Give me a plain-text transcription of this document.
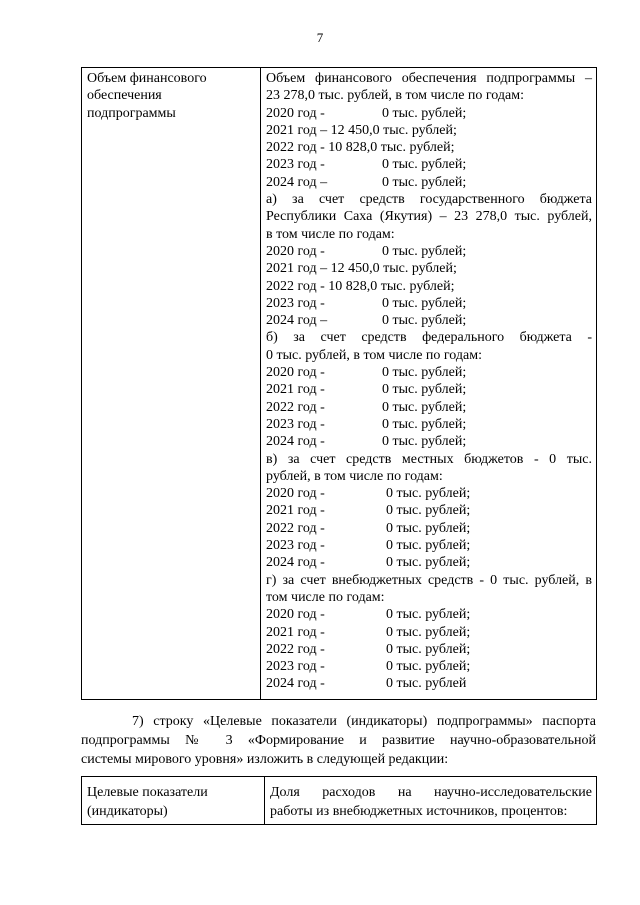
7
Объем финансового
обеспечения
подпрограммы

Объем финансового обеспечения подпрограммы –
23 278,0 тыс. рублей, в том числе по годам:
2020 год -	0 тыс. рублей;
2021 год – 12 450,0 тыс. рублей;
2022 год - 10 828,0 тыс. рублей;
2023 год -	0 тыс. рублей;
2024 год –	0 тыс. рублей;
а) за счет средств государственного бюджета
Республики Саха (Якутия) – 23 278,0 тыс. рублей,
в том числе по годам:
2020 год -	0 тыс. рублей;
2021 год – 12 450,0 тыс. рублей;
2022 год - 10 828,0 тыс. рублей;
2023 год -	0 тыс. рублей;
2024 год –	0 тыс. рублей;
б) за счет средств федерального бюджета -
0 тыс. рублей, в том числе по годам:
2020 год -	0 тыс. рублей;
2021 год -	0 тыс. рублей;
2022 год -	0 тыс. рублей;
2023 год -	0 тыс. рублей;
2024 год -	0 тыс. рублей;
в) за счет средств местных бюджетов - 0 тыс.
рублей, в том числе по годам:
2020 год -	0 тыс. рублей;
2021 год -	0 тыс. рублей;
2022 год -	0 тыс. рублей;
2023 год -	0 тыс. рублей;
2024 год -	0 тыс. рублей;
г) за счет внебюджетных средств - 0 тыс. рублей, в
том числе по годам:
2020 год -	0 тыс. рублей;
2021 год -	0 тыс. рублей;
2022 год -	0 тыс. рублей;
2023 год -	0 тыс. рублей;
2024 год -	0 тыс. рублей
7) строку «Целевые показатели (индикаторы) подпрограммы» паспорта
подпрограммы № 3 «Формирование и развитие научно-образовательной
системы мирового уровня» изложить в следующей редакции:
Целевые показатели
(индикаторы)

Доля расходов на научно-исследовательские
работы из внебюджетных источников, процентов:
